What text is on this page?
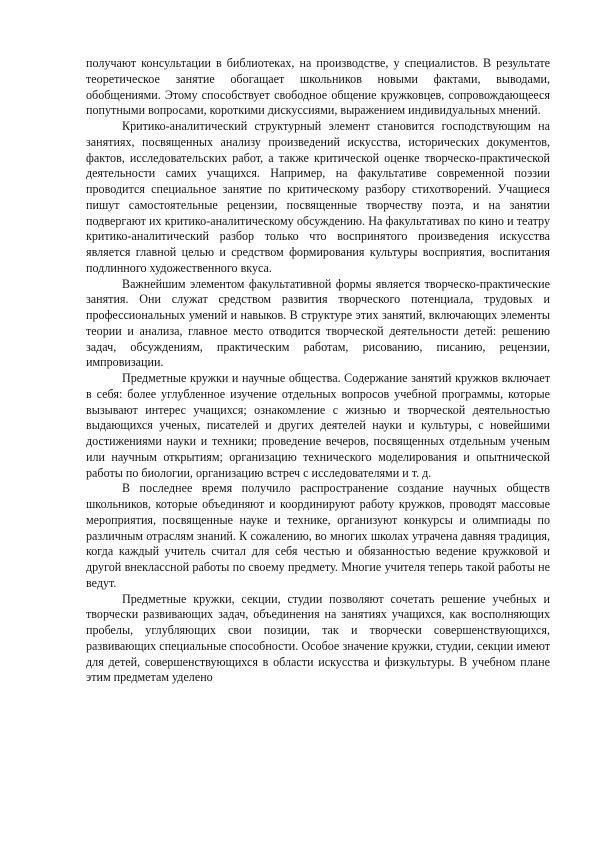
получают консультации в библиотеках, на производстве, у специалистов. В результате теоретическое занятие обогащает школьников новыми фактами, выводами, обобщениями. Этому способствует свободное общение кружковцев, сопровождающееся попутными вопросами, короткими дискуссиями, выражением индивидуальных мнений.

Критико-аналитический структурный элемент становится господствующим на занятиях, посвященных анализу произведений искусства, исторических документов, фактов, исследовательских работ, а также критической оценке творческо-практической деятельности самих учащихся. Например, на факультативе современной поэзии проводится специальное занятие по критическому разбору стихотворений. Учащиеся пишут самостоятельные рецензии, посвященные творчеству поэта, и на занятии подвергают их критико-аналитическому обсуждению. На факультативах по кино и театру критико-аналитический разбор только что воспринятого произведения искусства является главной целью и средством формирования культуры восприятия, воспитания подлинного художественного вкуса.

Важнейшим элементом факультативной формы является творческо-практические занятия. Они служат средством развития творческого потенциала, трудовых и профессиональных умений и навыков. В структуре этих занятий, включающих элементы теории и анализа, главное место отводится творческой деятельности детей: решению задач, обсуждениям, практическим работам, рисованию, писанию, рецензии, импровизации.

Предметные кружки и научные общества. Содержание занятий кружков включает в себя: более углубленное изучение отдельных вопросов учебной программы, которые вызывают интерес учащихся; ознакомление с жизнью и творческой деятельностью выдающихся ученых, писателей и других деятелей науки и культуры, с новейшими достижениями науки и техники; проведение вечеров, посвященных отдельным ученым или научным открытиям; организацию технического моделирования и опытнической работы по биологии, организацию встреч с исследователями и т. д.

В последнее время получило распространение создание научных обществ школьников, которые объединяют и координируют работу кружков, проводят массовые мероприятия, посвященные науке и технике, организуют конкурсы и олимпиады по различным отраслям знаний. К сожалению, во многих школах утрачена давняя традиция, когда каждый учитель считал для себя честью и обязанностью ведение кружковой и другой внеклассной работы по своему предмету. Многие учителя теперь такой работы не ведут.

Предметные кружки, секции, студии позволяют сочетать решение учебных и творчески развивающих задач, объединения на занятиях учащихся, как восполняющих пробелы, углубляющих свои позиции, так и творчески совершенствующихся, развивающих специальные способности. Особое значение кружки, студии, секции имеют для детей, совершенствующихся в области искусства и физкультуры. В учебном плане этим предметам уделено
